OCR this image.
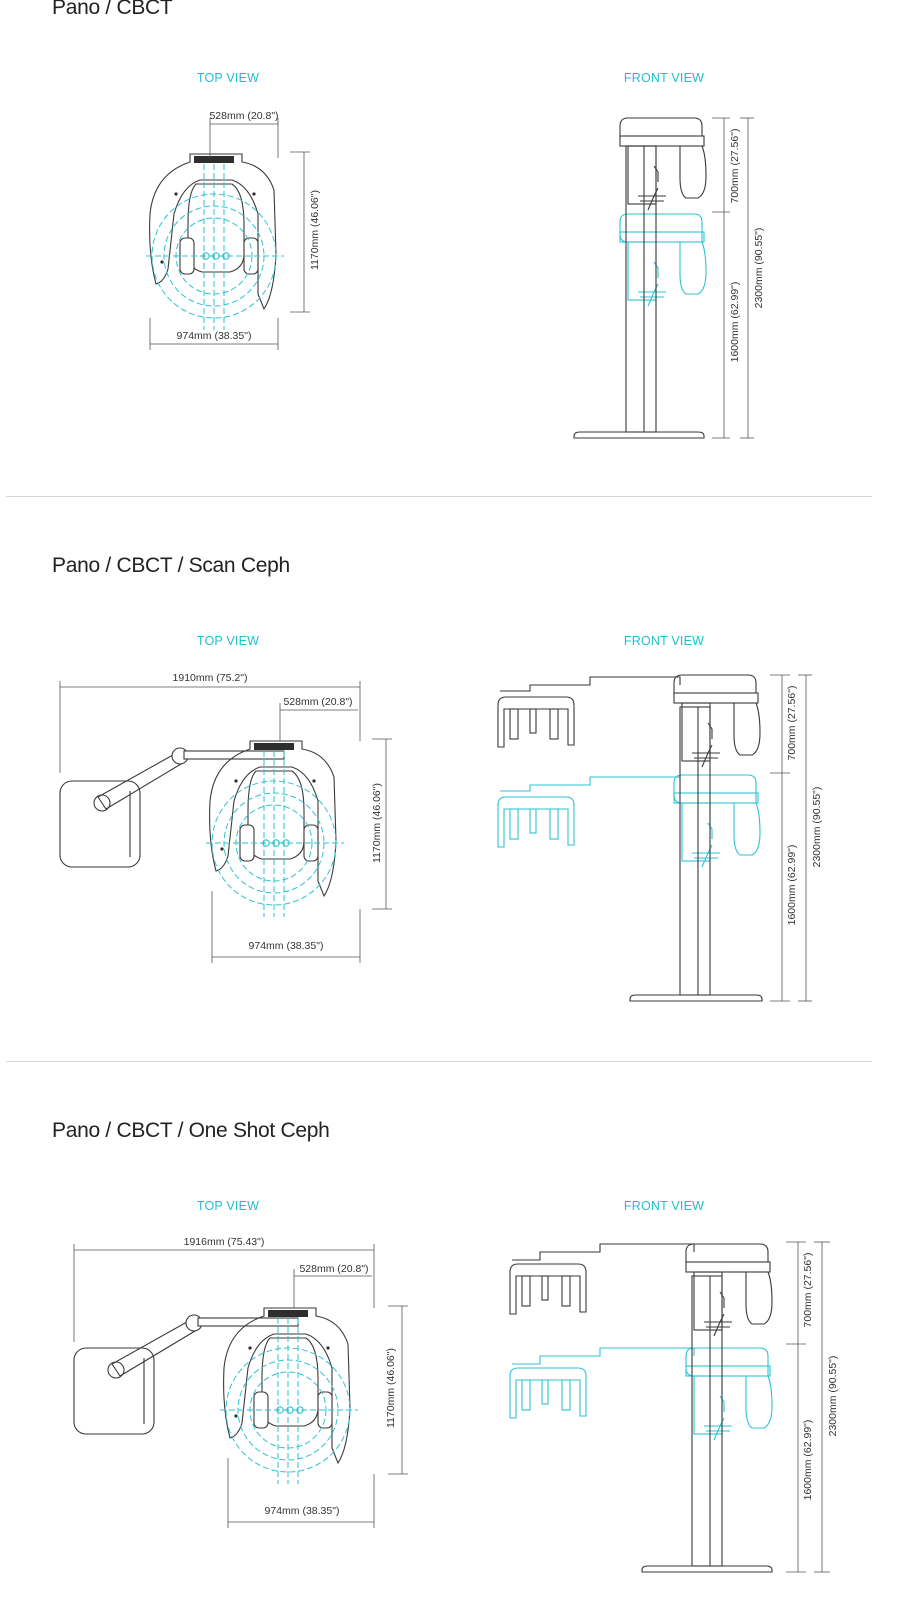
Pano / CBCT
TOP VIEW	FRONT VIEW
528mm (20.8")
1170mm (46.06")
974mm (38.35")
700mm (27.56")
1600mm (62.99")
2300mm (90.55")
Pano / CBCT / Scan Ceph
TOP VIEW	FRONT VIEW
1910mm (75.2")
528mm (20.8")
1170mm (46.06")
974mm (38.35")
700mm (27.56")
1600mm (62.99")
2300mm (90.55")
Pano / CBCT / One Shot Ceph
TOP VIEW	FRONT VIEW
1916mm (75.43")
528mm (20.8")
1170mm (46.06")
974mm (38.35")
700mm (27.56")
1600mm (62.99")
2300mm (90.55")
